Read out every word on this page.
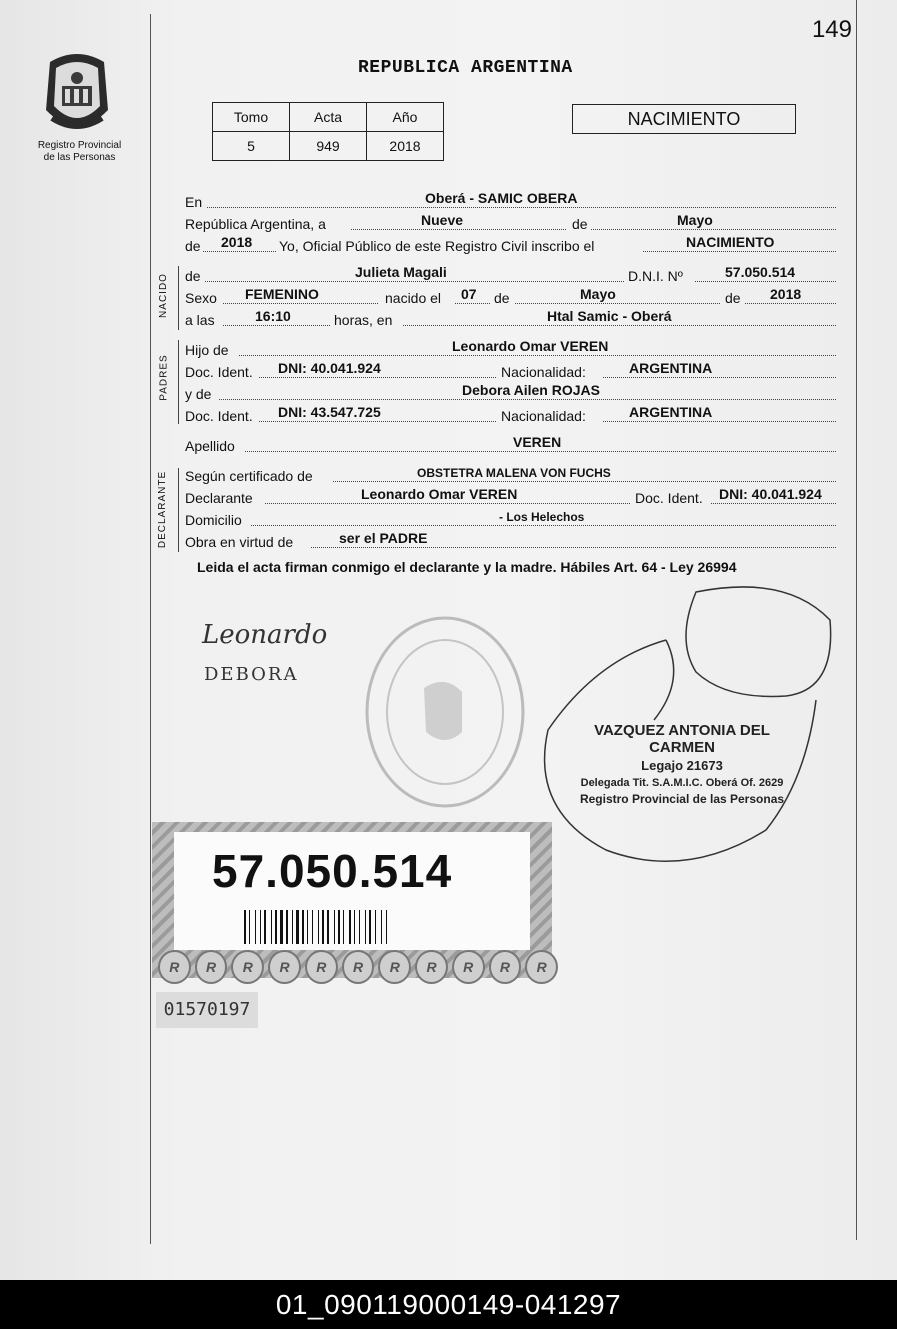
149
Registro Provincial
de las Personas
REPUBLICA ARGENTINA
Tomo	Acta	Año
5	949	2018
NACIMIENTO
En	Oberá - SAMIC OBERA
República Argentina, a	Nueve	de	Mayo
de 2018 Yo, Oficial Público de este Registro Civil inscribo el	NACIMIENTO
NACIDO de	Julieta Magali	D.N.I. Nº	57.050.514
Sexo FEMENINO	nacido el 07 de	Mayo	de 2018
a las	16:10	horas, en	Htal Samic - Oberá
PADRES
Hijo de	Leonardo Omar VEREN
Doc. Ident. DNI: 40.041.924	Nacionalidad:	ARGENTINA
y de	Debora Ailen ROJAS
Doc. Ident. DNI: 43.547.725	Nacionalidad:	ARGENTINA
Apellido	VEREN
DECLARANTE Según certificado de	OBSTETRA MALENA VON FUCHS
Declarante	Leonardo Omar VEREN	Doc. Ident. DNI: 40.041.924
Domicilio	- Los Helechos
Obra en virtud de	ser el PADRE
Leida el acta firman conmigo el declarante y la madre. Hábiles Art. 64 - Ley 26994
Leonardo
DEBORA
VAZQUEZ ANTONIA DEL CARMEN
Legajo 21673
Delegada Tit. S.A.M.I.C. Oberá Of. 2629
Registro Provincial de las Personas
57.050.514
R	R	R	R	R	R	R	R	R	R	R
01570197
01_090119000149-041297
